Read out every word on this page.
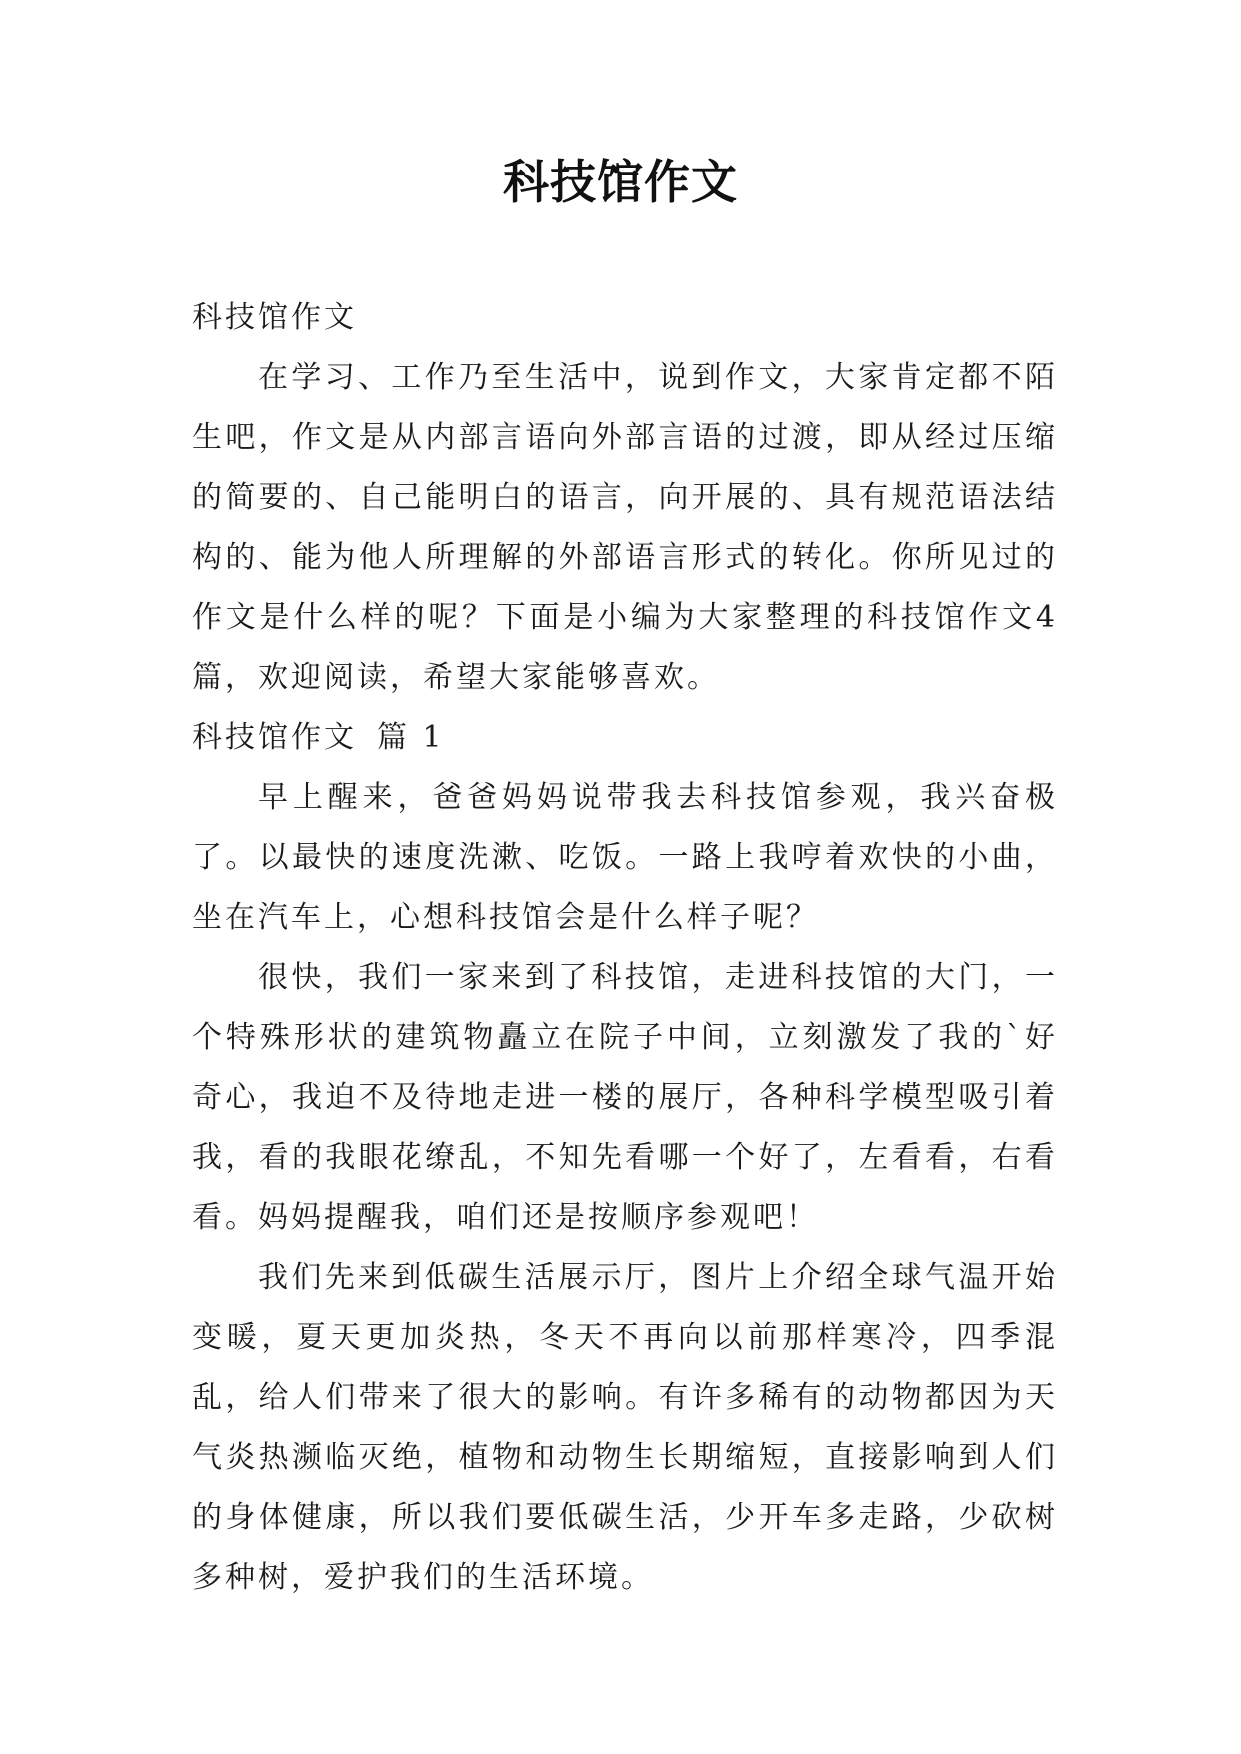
科技馆作文

科技馆作文

在学习、工作乃至生活中，说到作文，大家肯定都不陌生吧，作文是从内部言语向外部言语的过渡，即从经过压缩的简要的、自己能明白的语言，向开展的、具有规范语法结构的、能为他人所理解的外部语言形式的转化。你所见过的作文是什么样的呢？下面是小编为大家整理的科技馆作文4篇，欢迎阅读，希望大家能够喜欢。

科技馆作文 篇 1

早上醒来，爸爸妈妈说带我去科技馆参观，我兴奋极了。以最快的速度洗漱、吃饭。一路上我哼着欢快的小曲，坐在汽车上，心想科技馆会是什么样子呢？

很快，我们一家来到了科技馆，走进科技馆的大门，一个特殊形状的建筑物矗立在院子中间，立刻激发了我的`好奇心，我迫不及待地走进一楼的展厅，各种科学模型吸引着我，看的我眼花缭乱，不知先看哪一个好了，左看看，右看看。妈妈提醒我，咱们还是按顺序参观吧！

我们先来到低碳生活展示厅，图片上介绍全球气温开始变暖，夏天更加炎热，冬天不再向以前那样寒冷，四季混乱，给人们带来了很大的影响。有许多稀有的动物都因为天气炎热濒临灭绝，植物和动物生长期缩短，直接影响到人们的身体健康，所以我们要低碳生活，少开车多走路，少砍树多种树，爱护我们的生活环境。
